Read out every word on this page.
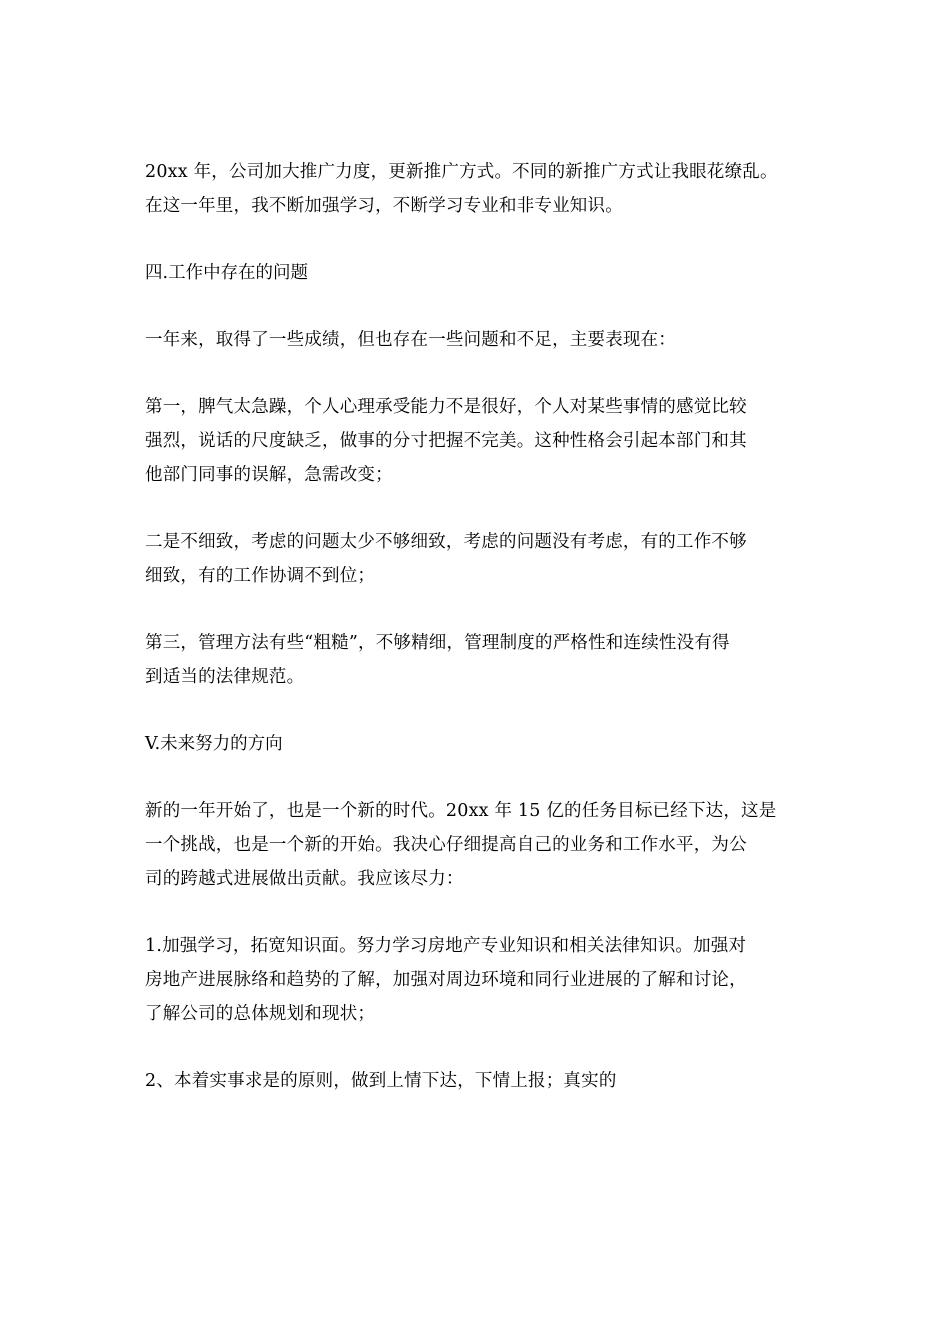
20xx 年，公司加大推广力度，更新推广方式。不同的新推广方式让我眼花缭乱。
在这一年里，我不断加强学习，不断学习专业和非专业知识。

四.工作中存在的问题

一年来，取得了一些成绩，但也存在一些问题和不足，主要表现在：

第一，脾气太急躁，个人心理承受能力不是很好，个人对某些事情的感觉比较
强烈，说话的尺度缺乏，做事的分寸把握不完美。这种性格会引起本部门和其
他部门同事的误解，急需改变；

二是不细致，考虑的问题太少不够细致，考虑的问题没有考虑，有的工作不够
细致，有的工作协调不到位；

第三，管理方法有些“粗糙”，不够精细，管理制度的严格性和连续性没有得
到适当的法律规范。

V.未来努力的方向

新的一年开始了，也是一个新的时代。20xx 年 15 亿的任务目标已经下达，这是
一个挑战，也是一个新的开始。我决心仔细提高自己的业务和工作水平，为公
司的跨越式进展做出贡献。我应该尽力：

1.加强学习，拓宽知识面。努力学习房地产专业知识和相关法律知识。加强对
房地产进展脉络和趋势的了解，加强对周边环境和同行业进展的了解和讨论，
了解公司的总体规划和现状；

2、本着实事求是的原则，做到上情下达，下情上报；真实的
